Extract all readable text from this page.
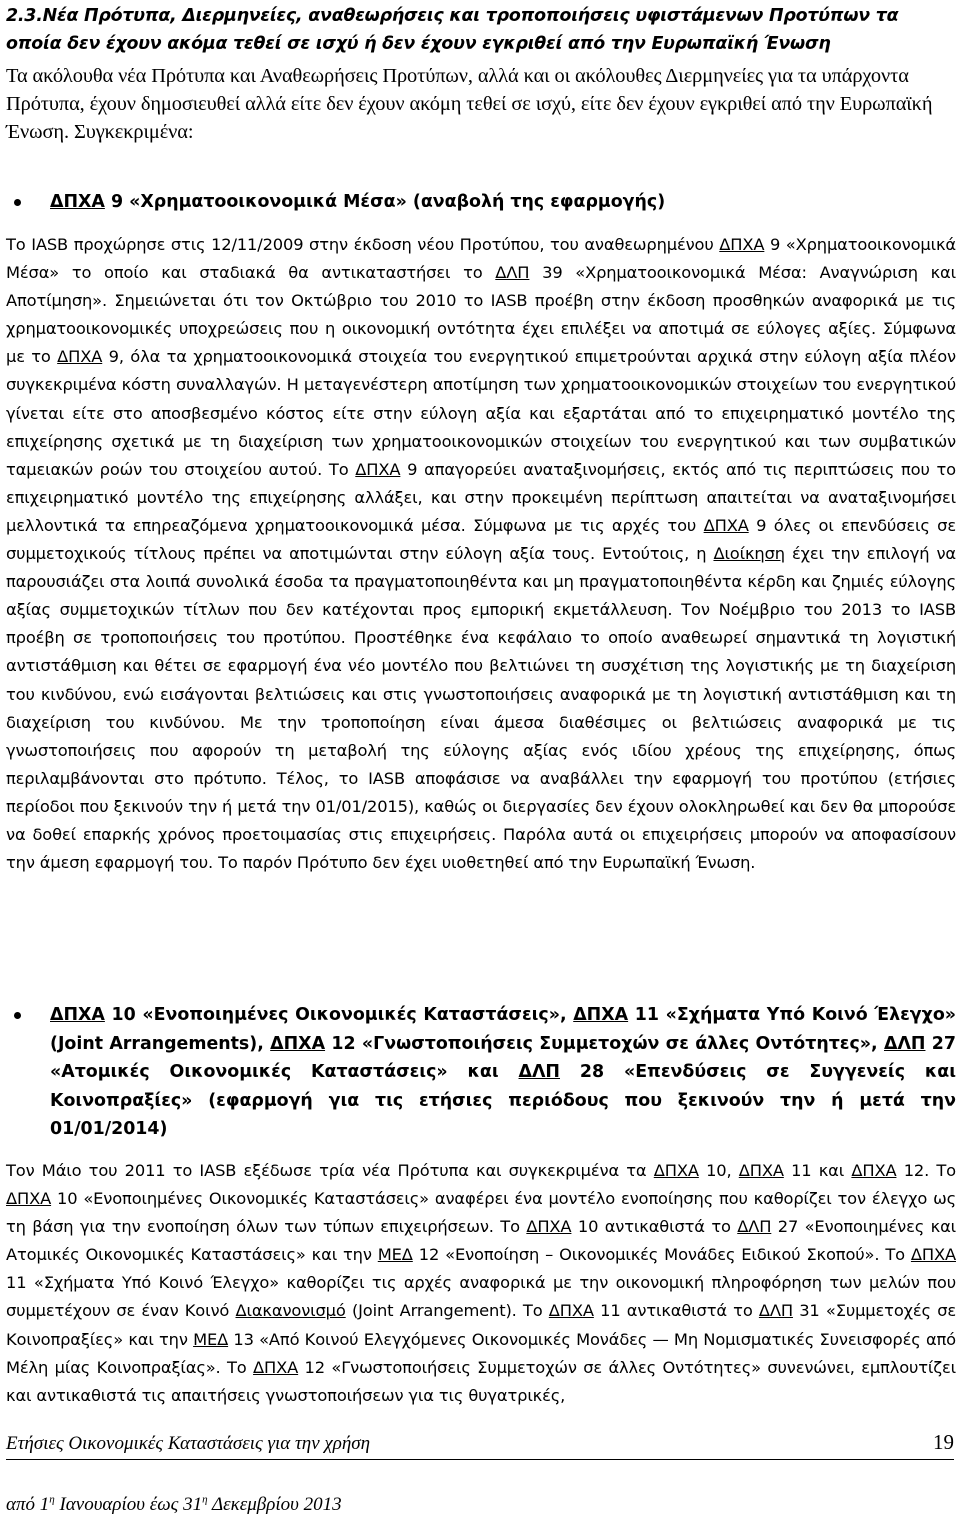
2.3.Νέα Πρότυπα, Διερμηνείες, αναθεωρήσεις και τροποποιήσεις υφιστάμενων Προτύπων τα οποία δεν έχουν ακόμα τεθεί σε ισχύ ή δεν έχουν εγκριθεί από την Ευρωπαϊκή Ένωση
Τα ακόλουθα νέα Πρότυπα και Αναθεωρήσεις Προτύπων, αλλά και οι ακόλουθες Διερμηνείες για τα υπάρχοντα Πρότυπα, έχουν δημοσιευθεί αλλά είτε δεν έχουν ακόμη τεθεί σε ισχύ, είτε δεν έχουν εγκριθεί από την Ευρωπαϊκή Ένωση. Συγκεκριμένα:
ΔΠΧΑ 9 «Χρηματοοικονομικά Μέσα» (αναβολή της εφαρμογής)
Το IASB προχώρησε στις 12/11/2009 στην έκδοση νέου Προτύπου, του αναθεωρημένου ΔΠΧΑ 9 «Χρηματοοικονομικά Μέσα» το οποίο και σταδιακά θα αντικαταστήσει το ΔΛΠ 39 «Χρηματοοικονομικά Μέσα: Αναγνώριση και Αποτίμηση». Σημειώνεται ότι τον Οκτώβριο του 2010 το IASB προέβη στην έκδοση προσθηκών αναφορικά με τις χρηματοοικονομικές υποχρεώσεις που η οικονομική οντότητα έχει επιλέξει να αποτιμά σε εύλογες αξίες. Σύμφωνα με το ΔΠΧΑ 9, όλα τα χρηματοοικονομικά στοιχεία του ενεργητικού επιμετρούνται αρχικά στην εύλογη αξία πλέον συγκεκριμένα κόστη συναλλαγών. Η μεταγενέστερη αποτίμηση των χρηματοοικονομικών στοιχείων του ενεργητικού γίνεται είτε στο αποσβεσμένο κόστος είτε στην εύλογη αξία και εξαρτάται από το επιχειρηματικό μοντέλο της επιχείρησης σχετικά με τη διαχείριση των χρηματοοικονομικών στοιχείων του ενεργητικού και των συμβατικών ταμειακών ροών του στοιχείου αυτού. Το ΔΠΧΑ 9 απαγορεύει αναταξινομήσεις, εκτός από τις περιπτώσεις που το επιχειρηματικό μοντέλο της επιχείρησης αλλάξει, και στην προκειμένη περίπτωση απαιτείται να αναταξινομήσει μελλοντικά τα επηρεαζόμενα χρηματοοικονομικά μέσα. Σύμφωνα με τις αρχές του ΔΠΧΑ 9 όλες οι επενδύσεις σε συμμετοχικούς τίτλους πρέπει να αποτιμώνται στην εύλογη αξία τους. Εντούτοις, η Διοίκηση έχει την επιλογή να παρουσιάζει στα λοιπά συνολικά έσοδα τα πραγματοποιηθέντα και μη πραγματοποιηθέντα κέρδη και ζημιές εύλογης αξίας συμμετοχικών τίτλων που δεν κατέχονται προς εμπορική εκμετάλλευση. Τον Νοέμβριο του 2013 το IASB προέβη σε τροποποιήσεις του προτύπου. Προστέθηκε ένα κεφάλαιο το οποίο αναθεωρεί σημαντικά τη λογιστική αντιστάθμιση και θέτει σε εφαρμογή ένα νέο μοντέλο που βελτιώνει τη συσχέτιση της λογιστικής με τη διαχείριση του κινδύνου, ενώ εισάγονται βελτιώσεις και στις γνωστοποιήσεις αναφορικά με τη λογιστική αντιστάθμιση και τη διαχείριση του κινδύνου. Με την τροποποίηση είναι άμεσα διαθέσιμες οι βελτιώσεις αναφορικά με τις γνωστοποιήσεις που αφορούν τη μεταβολή της εύλογης αξίας ενός ιδίου χρέους της επιχείρησης, όπως περιλαμβάνονται στο πρότυπο. Τέλος, το IASB αποφάσισε να αναβάλλει την εφαρμογή του προτύπου (ετήσιες περίοδοι που ξεκινούν την ή μετά την 01/01/2015), καθώς οι διεργασίες δεν έχουν ολοκληρωθεί και δεν θα μπορούσε να δοθεί επαρκής χρόνος προετοιμασίας στις επιχειρήσεις. Παρόλα αυτά οι επιχειρήσεις μπορούν να αποφασίσουν την άμεση εφαρμογή του. Το παρόν Πρότυπο δεν έχει υιοθετηθεί από την Ευρωπαϊκή Ένωση.
ΔΠΧΑ 10 «Ενοποιημένες Οικονομικές Καταστάσεις», ΔΠΧΑ 11 «Σχήματα Υπό Κοινό Έλεγχο» (Joint Arrangements), ΔΠΧΑ 12 «Γνωστοποιήσεις Συμμετοχών σε άλλες Οντότητες», ΔΛΠ 27 «Ατομικές Οικονομικές Καταστάσεις» και ΔΛΠ 28 «Επενδύσεις σε Συγγενείς και Κοινοπραξίες» (εφαρμογή για τις ετήσιες περιόδους που ξεκινούν την ή μετά την 01/01/2014)
Τον Μάιο του 2011 το IASB εξέδωσε τρία νέα Πρότυπα και συγκεκριμένα τα ΔΠΧΑ 10, ΔΠΧΑ 11 και ΔΠΧΑ 12. Το ΔΠΧΑ 10 «Ενοποιημένες Οικονομικές Καταστάσεις» αναφέρει ένα μοντέλο ενοποίησης που καθορίζει τον έλεγχο ως τη βάση για την ενοποίηση όλων των τύπων επιχειρήσεων. Το ΔΠΧΑ 10 αντικαθιστά το ΔΛΠ 27 «Ενοποιημένες και Ατομικές Οικονομικές Καταστάσεις» και την ΜΕΔ 12 «Ενοποίηση – Οικονομικές Μονάδες Ειδικού Σκοπού». Το ΔΠΧΑ 11 «Σχήματα Υπό Κοινό Έλεγχο» καθορίζει τις αρχές αναφορικά με την οικονομική πληροφόρηση των μελών που συμμετέχουν σε έναν Κοινό Διακανονισμό (Joint Arrangement). Το ΔΠΧΑ 11 αντικαθιστά το ΔΛΠ 31 «Συμμετοχές σε Κοινοπραξίες» και την ΜΕΔ 13 «Από Κοινού Ελεγχόμενες Οικονομικές Μονάδες — Μη Νομισματικές Συνεισφορές από Μέλη μίας Κοινοπραξίας». Το ΔΠΧΑ 12 «Γνωστοποιήσεις Συμμετοχών σε άλλες Οντότητες» συνενώνει, εμπλουτίζει και αντικαθιστά τις απαιτήσεις γνωστοποιήσεων για τις θυγατρικές,
Ετήσιες Οικονομικές Καταστάσεις για την χρήση	19
από $1^\eta$ Ιανουαρίου έως $31^\eta$ Δεκεμβρίου 2013
